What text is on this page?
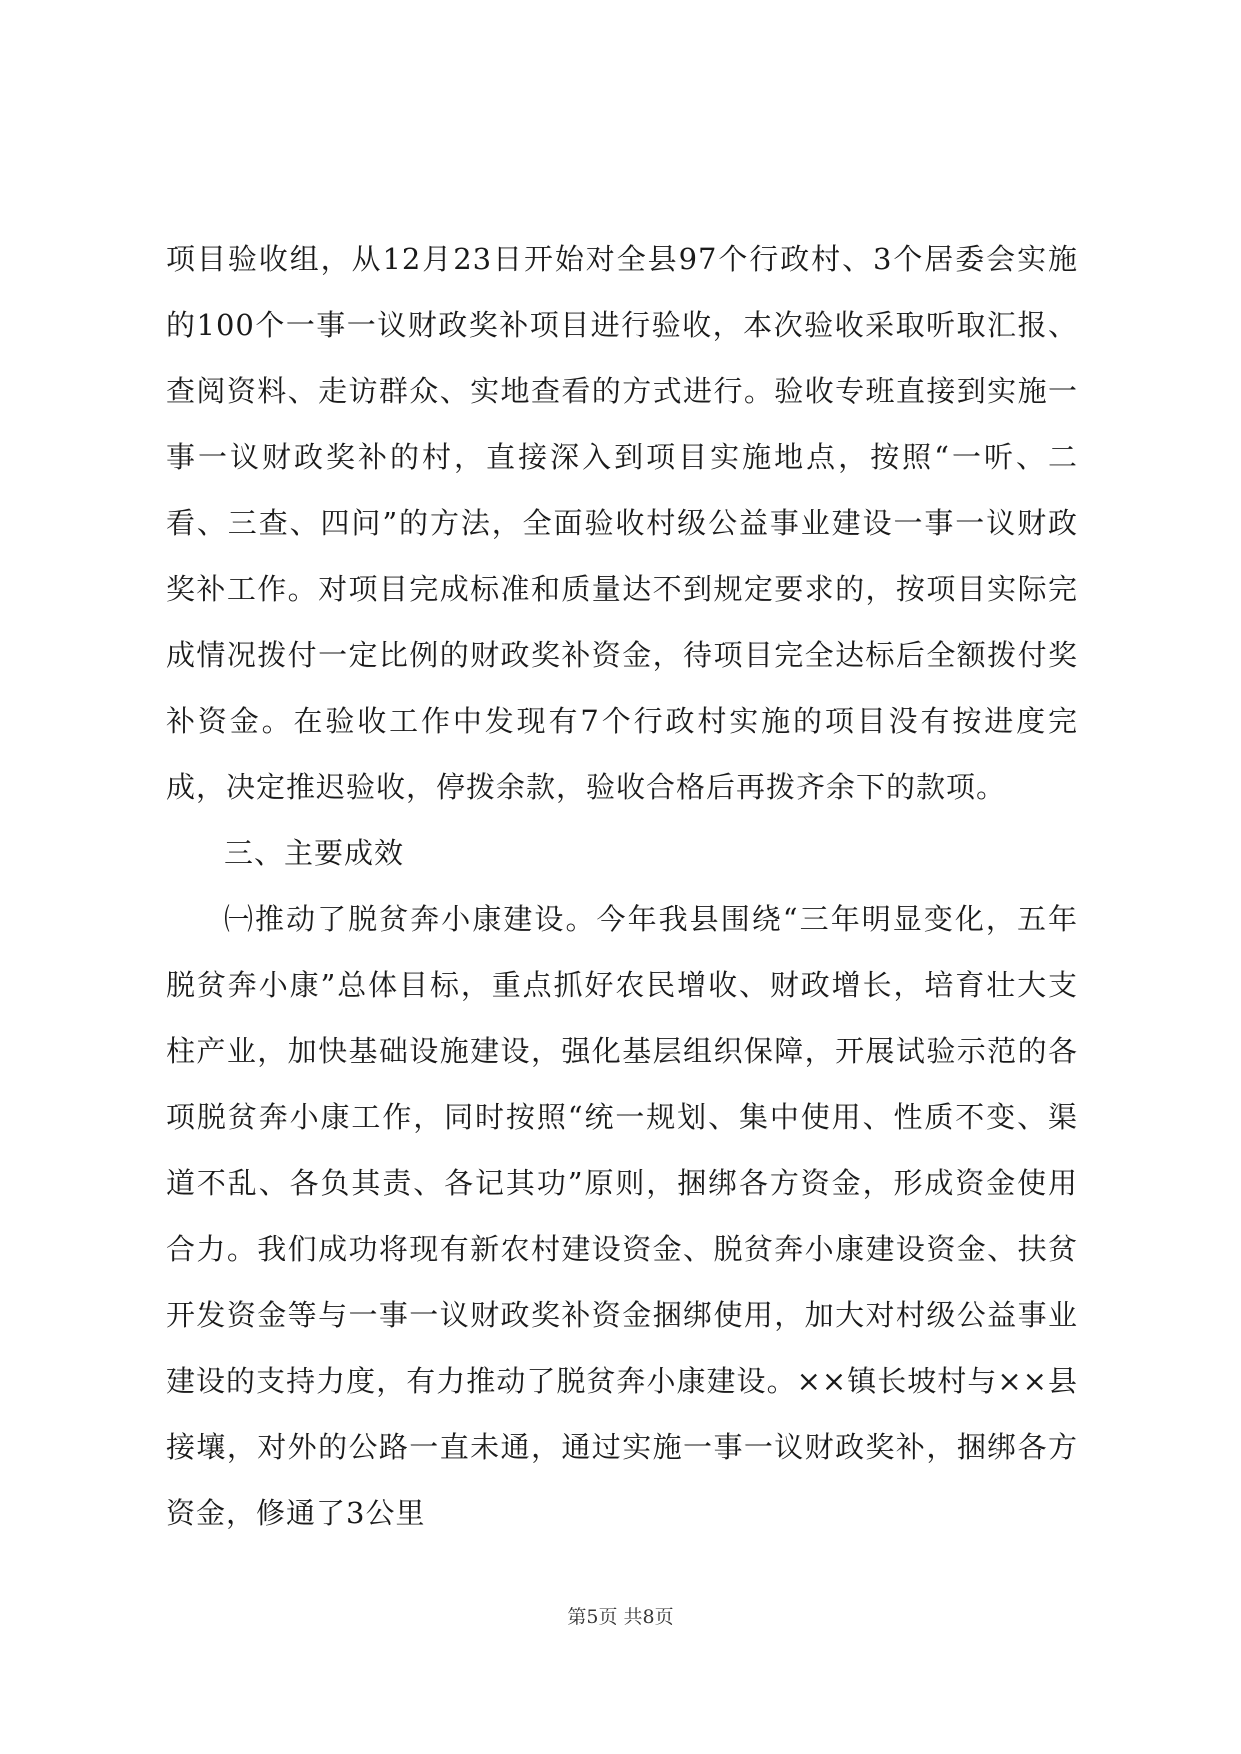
项目验收组，从12月23日开始对全县97个行政村、3个居委会实施的100个一事一议财政奖补项目进行验收，本次验收采取听取汇报、查阅资料、走访群众、实地查看的方式进行。验收专班直接到实施一事一议财政奖补的村，直接深入到项目实施地点，按照“一听、二看、三查、四问”的方法，全面验收村级公益事业建设一事一议财政奖补工作。对项目完成标准和质量达不到规定要求的，按项目实际完成情况拨付一定比例的财政奖补资金，待项目完全达标后全额拨付奖补资金。在验收工作中发现有7个行政村实施的项目没有按进度完成，决定推迟验收，停拨余款，验收合格后再拨齐余下的款项。

三、主要成效

㈠推动了脱贫奔小康建设。今年我县围绕“三年明显变化，五年脱贫奔小康”总体目标，重点抓好农民增收、财政增长，培育壮大支柱产业，加快基础设施建设，强化基层组织保障，开展试验示范的各项脱贫奔小康工作，同时按照“统一规划、集中使用、性质不变、渠道不乱、各负其责、各记其功”原则，捆绑各方资金，形成资金使用合力。我们成功将现有新农村建设资金、脱贫奔小康建设资金、扶贫开发资金等与一事一议财政奖补资金捆绑使用，加大对村级公益事业建设的支持力度，有力推动了脱贫奔小康建设。××镇长坡村与××县接壤，对外的公路一直未通，通过实施一事一议财政奖补，捆绑各方资金，修通了3公里

第5页 共8页
